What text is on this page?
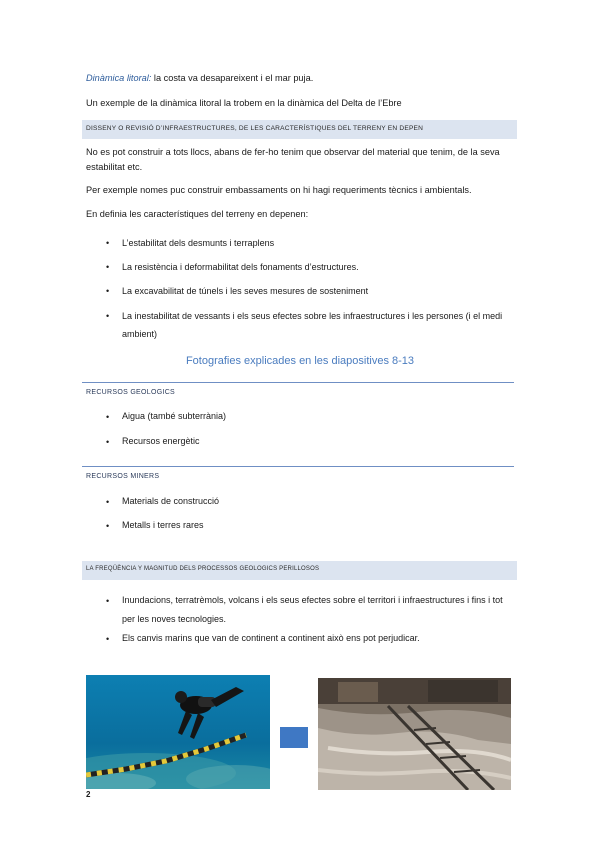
Dinàmica litoral: la costa va desapareixent i el mar puja.
Un exemple de la dinàmica litoral la trobem en la dinàmica del Delta de l’Ebre
DISSENY O REVISIÓ D’INFRAESTRUCTURES, DE LES CARACTERÍSTIQUES DEL TERRENY EN DEPEN
No es pot construir a tots llocs, abans de fer-ho tenim que observar del material que tenim, de la seva
estabilitat etc.
Per exemple nomes puc construir embassaments on hi hagi requeriments tècnics i ambientals.
En definia les característiques del terreny en depenen:
• L’estabilitat dels desmunts i terraplens
• La resistència i deformabilitat dels fonaments d’estructures.
• La excavabilitat de túnels i les seves mesures de sosteniment
• La inestabilitat de vessants i els seus efectes sobre les infraestructures i les persones (i el medi
ambient)
Fotografies explicades en les diapositives 8-13
RECURSOS GEOLOGICS
• Aigua (també subterrània)
• Recursos energètic
RECURSOS MINERS
• Materials de construcció
• Metalls i terres rares
LA FREQÜÈNCIA Y MAGNITUD DELS PROCESSOS GEOLOGICS PERILLOSOS
• Inundacions, terratrèmols, volcans i els seus efectes sobre el territori i infraestructures i fins i tot
per les noves tecnologies.
• Els canvis marins que van de continent a continent això ens pot perjudicar.
2
